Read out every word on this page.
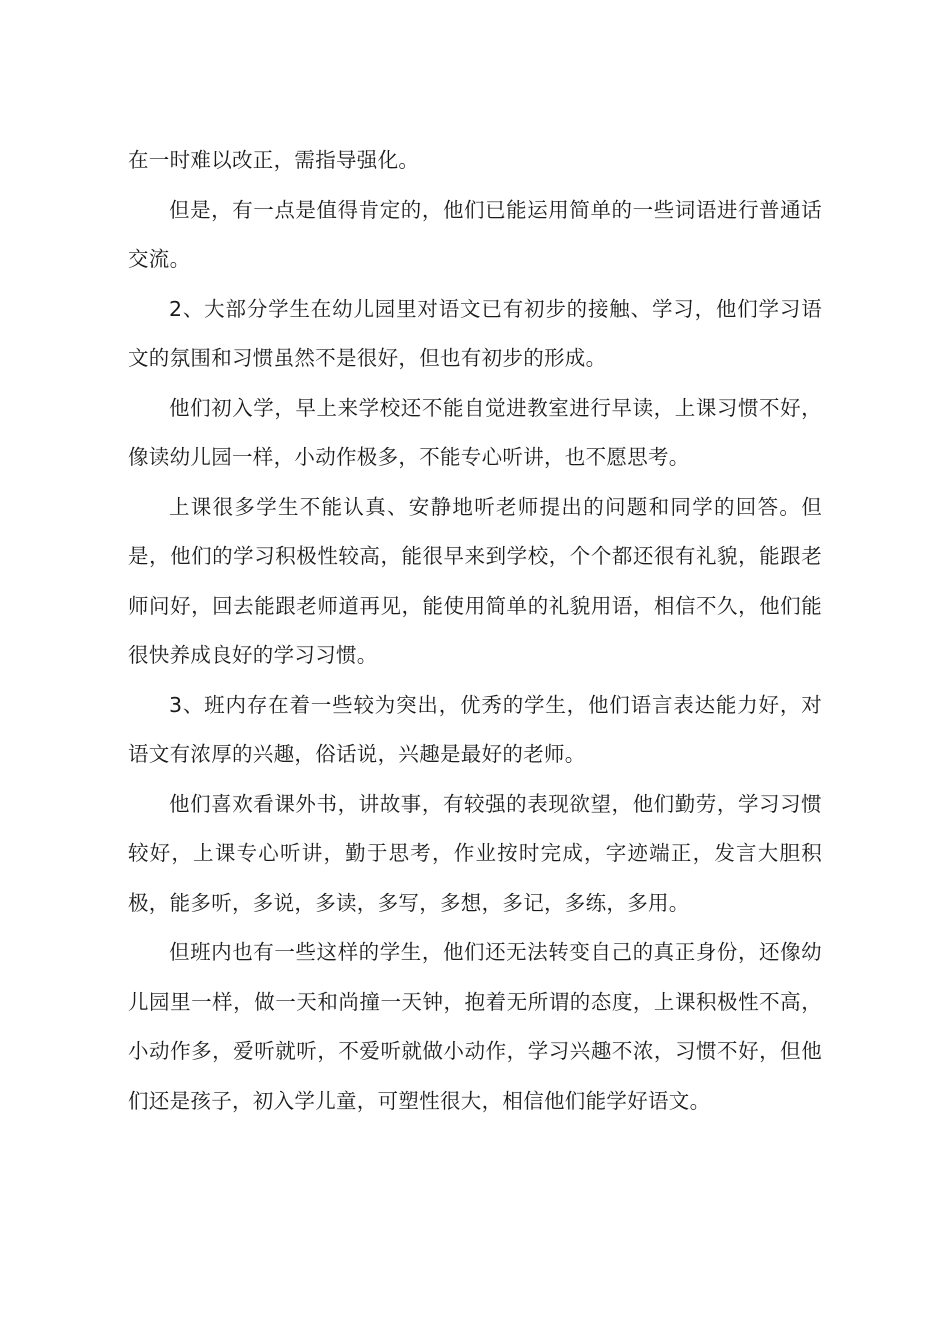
在一时难以改正，需指导强化。

但是，有一点是值得肯定的，他们已能运用简单的一些词语进行普通话交流。

2、大部分学生在幼儿园里对语文已有初步的接触、学习，他们学习语文的氛围和习惯虽然不是很好，但也有初步的形成。

他们初入学，早上来学校还不能自觉进教室进行早读，上课习惯不好，像读幼儿园一样，小动作极多，不能专心听讲，也不愿思考。

上课很多学生不能认真、安静地听老师提出的问题和同学的回答。但是，他们的学习积极性较高，能很早来到学校，个个都还很有礼貌，能跟老师问好，回去能跟老师道再见，能使用简单的礼貌用语，相信不久，他们能很快养成良好的学习习惯。

3、班内存在着一些较为突出，优秀的学生，他们语言表达能力好，对语文有浓厚的兴趣，俗话说，兴趣是最好的老师。

他们喜欢看课外书，讲故事，有较强的表现欲望，他们勤劳，学习习惯较好，上课专心听讲，勤于思考，作业按时完成，字迹端正，发言大胆积极，能多听，多说，多读，多写，多想，多记，多练，多用。

但班内也有一些这样的学生，他们还无法转变自己的真正身份，还像幼儿园里一样，做一天和尚撞一天钟，抱着无所谓的态度，上课积极性不高，小动作多，爱听就听，不爱听就做小动作，学习兴趣不浓，习惯不好，但他们还是孩子，初入学儿童，可塑性很大，相信他们能学好语文。
